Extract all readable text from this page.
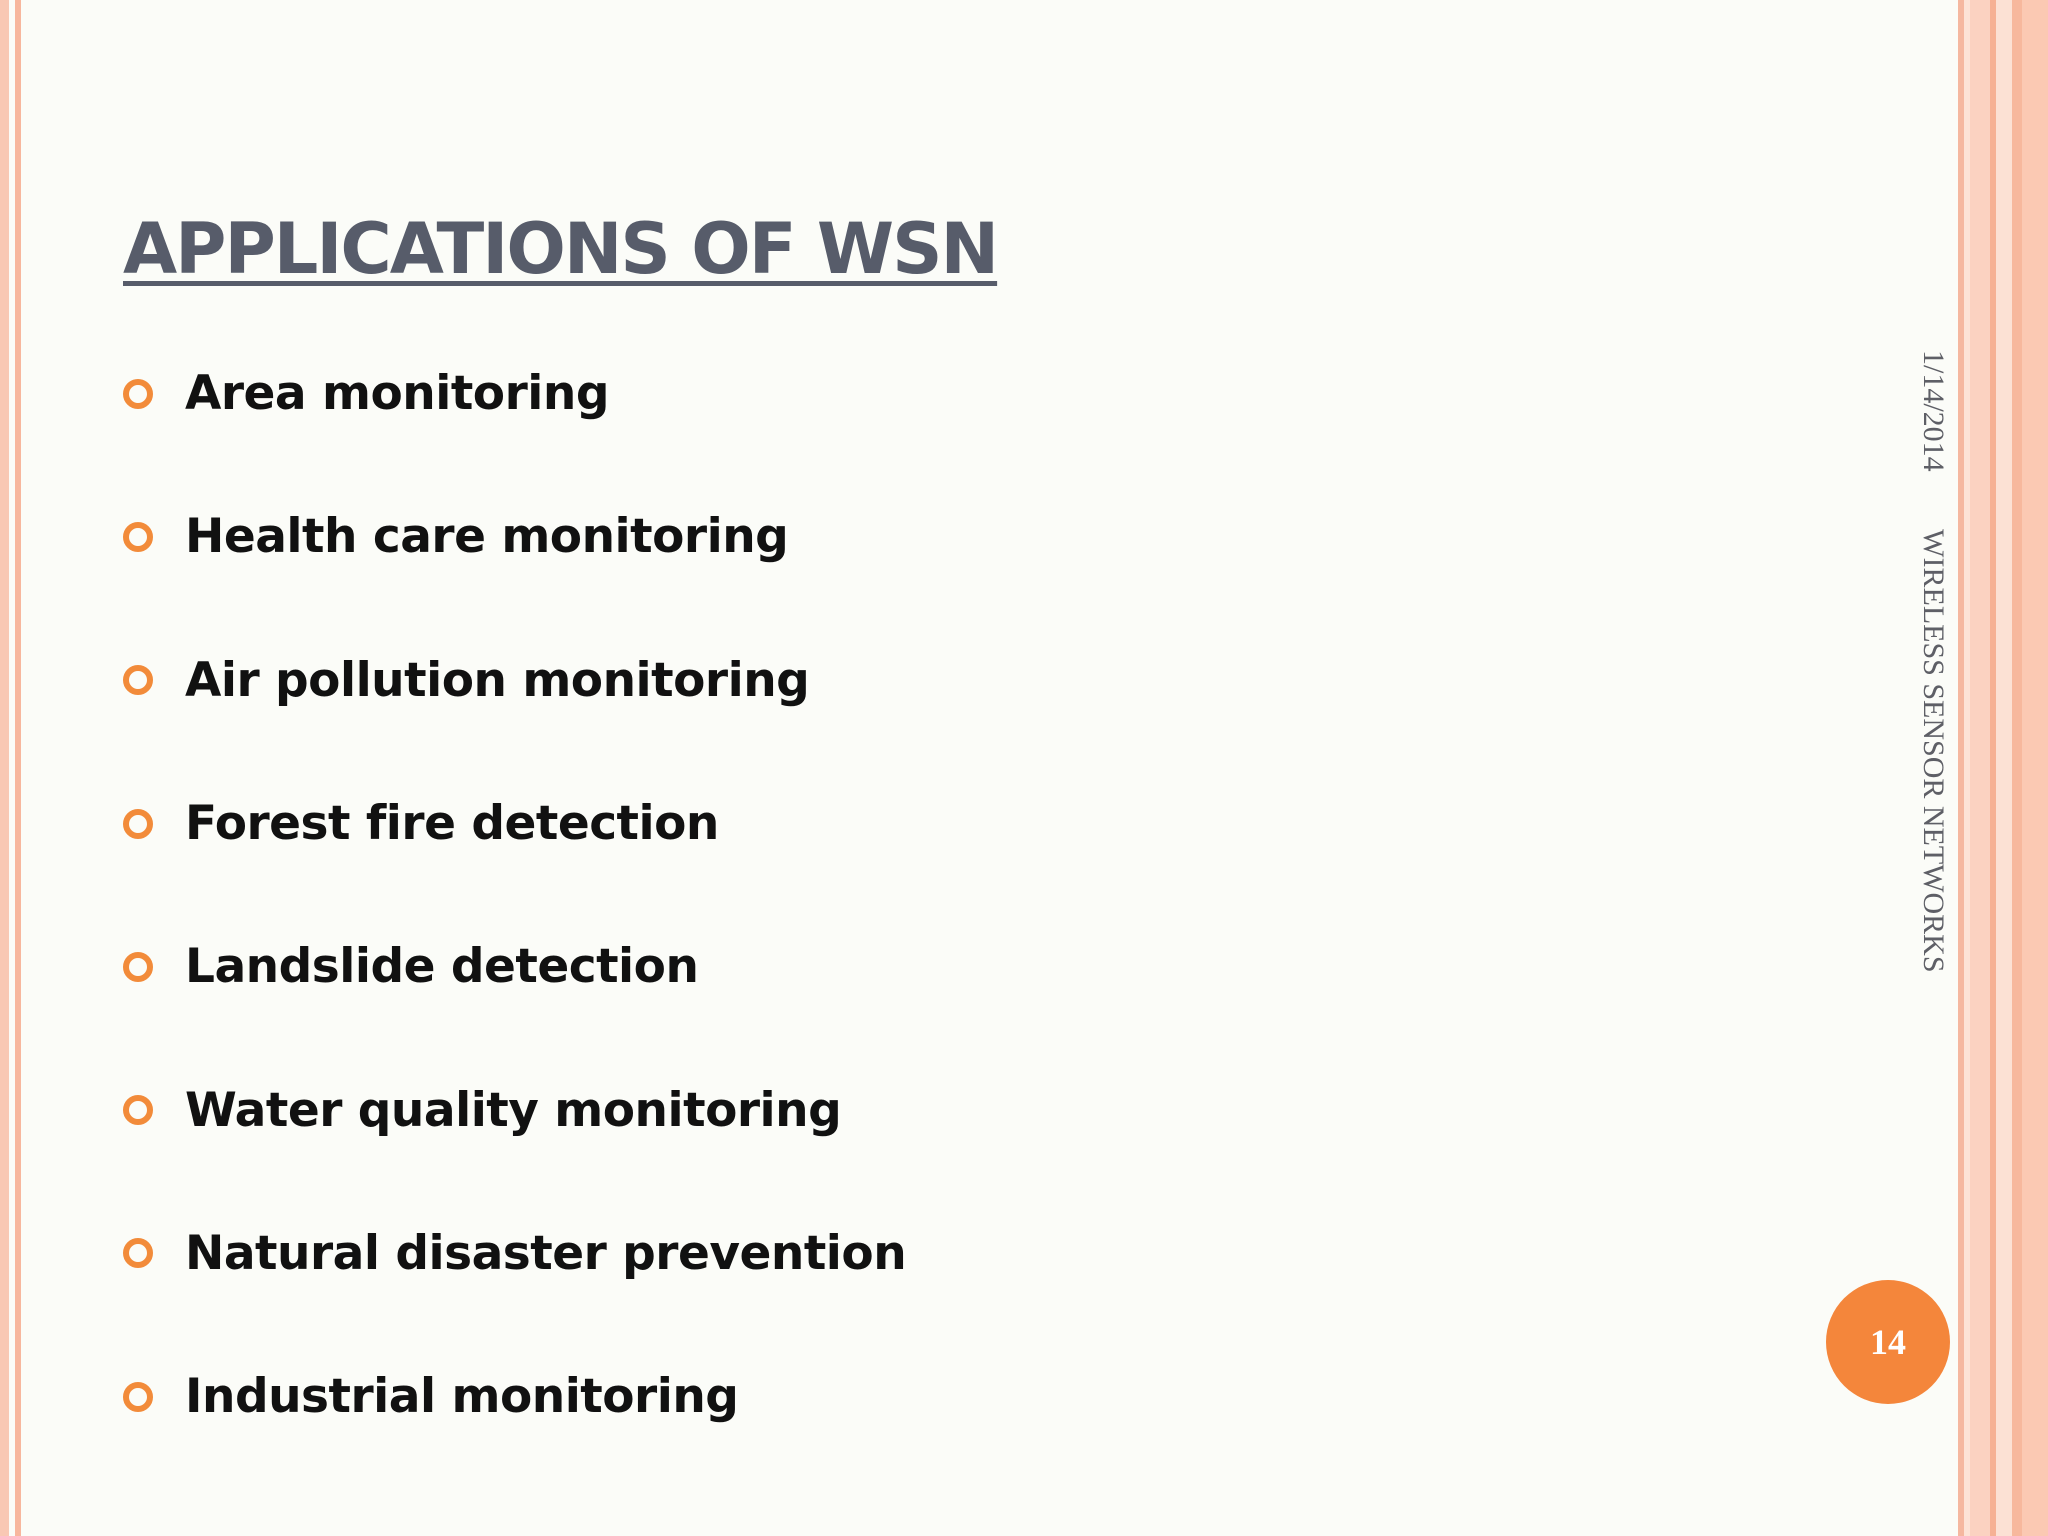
APPLICATIONS OF WSN
Area monitoring
Health care monitoring
Air pollution monitoring
Forest fire detection
Landslide detection
Water quality monitoring
Natural disaster prevention
Industrial monitoring
1/14/2014 WIRELESS SENSOR NETWORKS
14
